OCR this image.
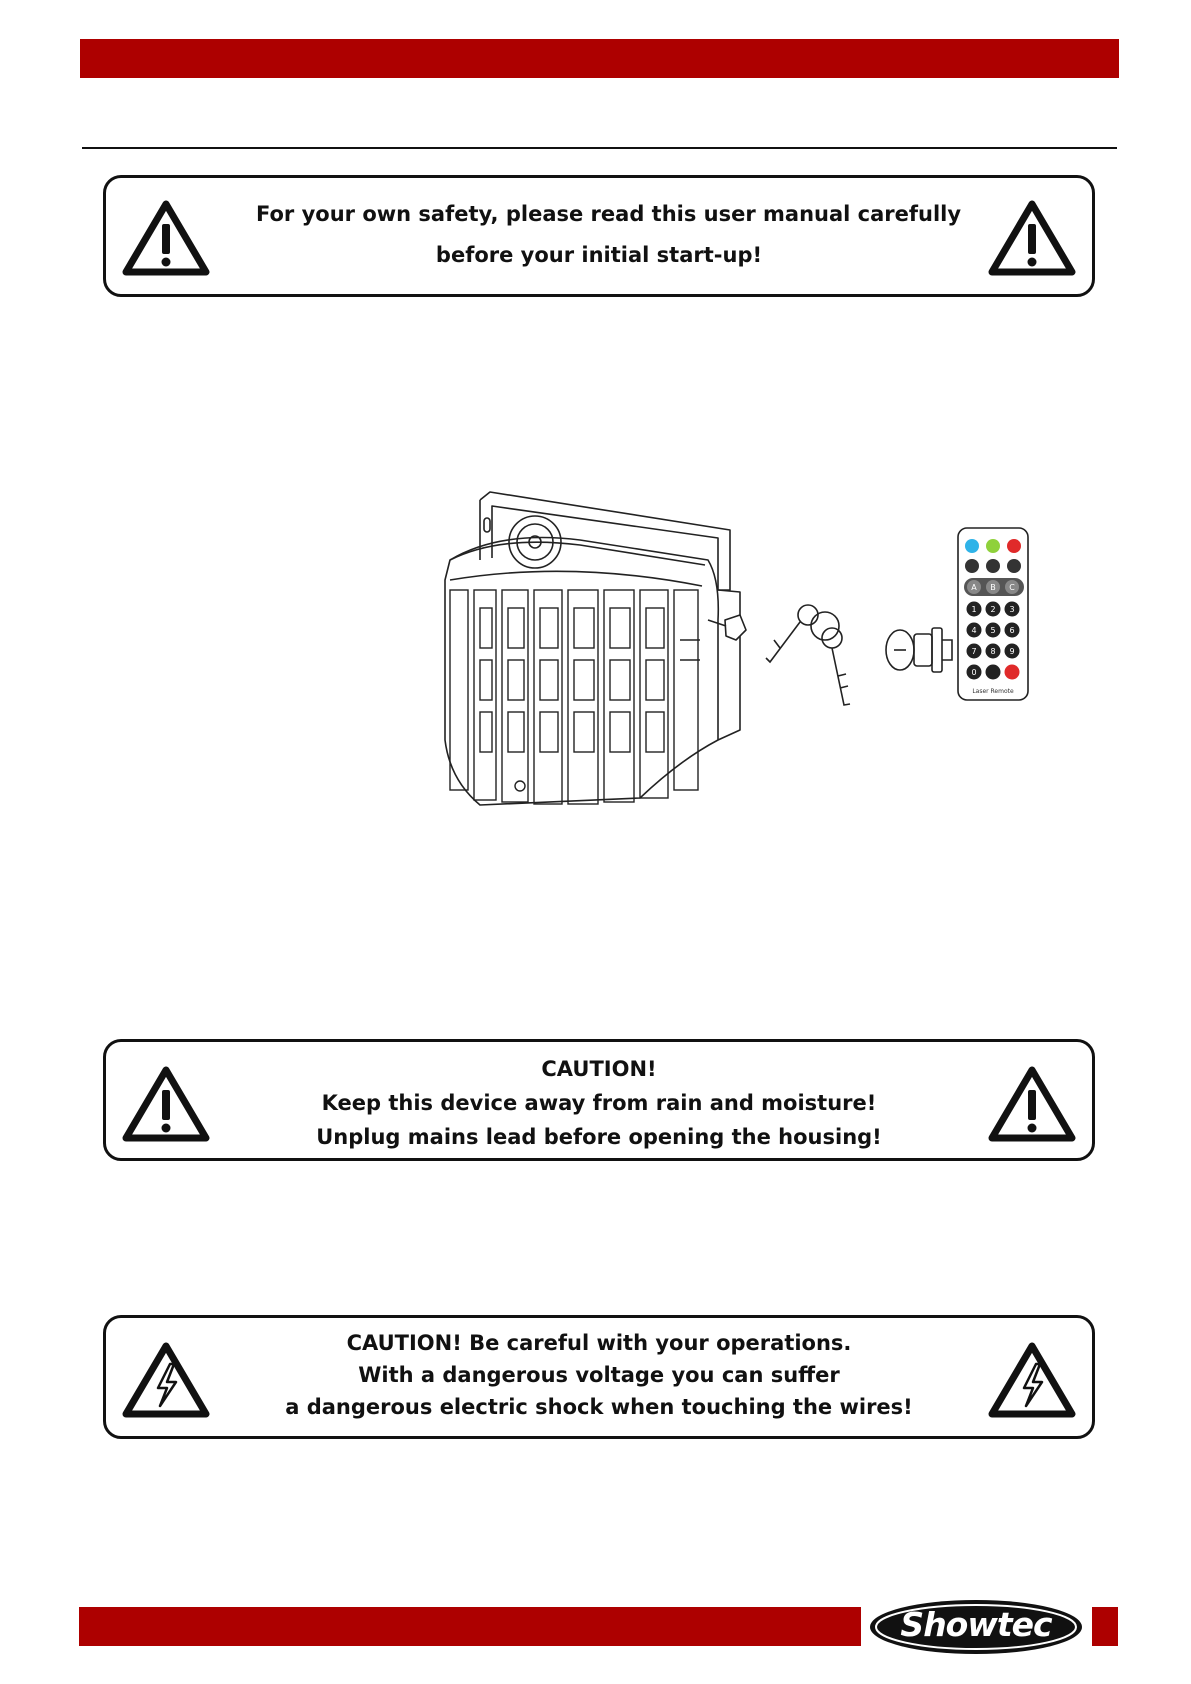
For your own safety, please read this user manual carefully
before your initial start-up!
A B C
1 2 3
4 5 6
7 8 9
0
Laser Remote
CAUTION!
Keep this device away from rain and moisture!
Unplug mains lead before opening the housing!
CAUTION! Be careful with your operations.
With a dangerous voltage you can suffer
a dangerous electric shock when touching the wires!
Showtec
